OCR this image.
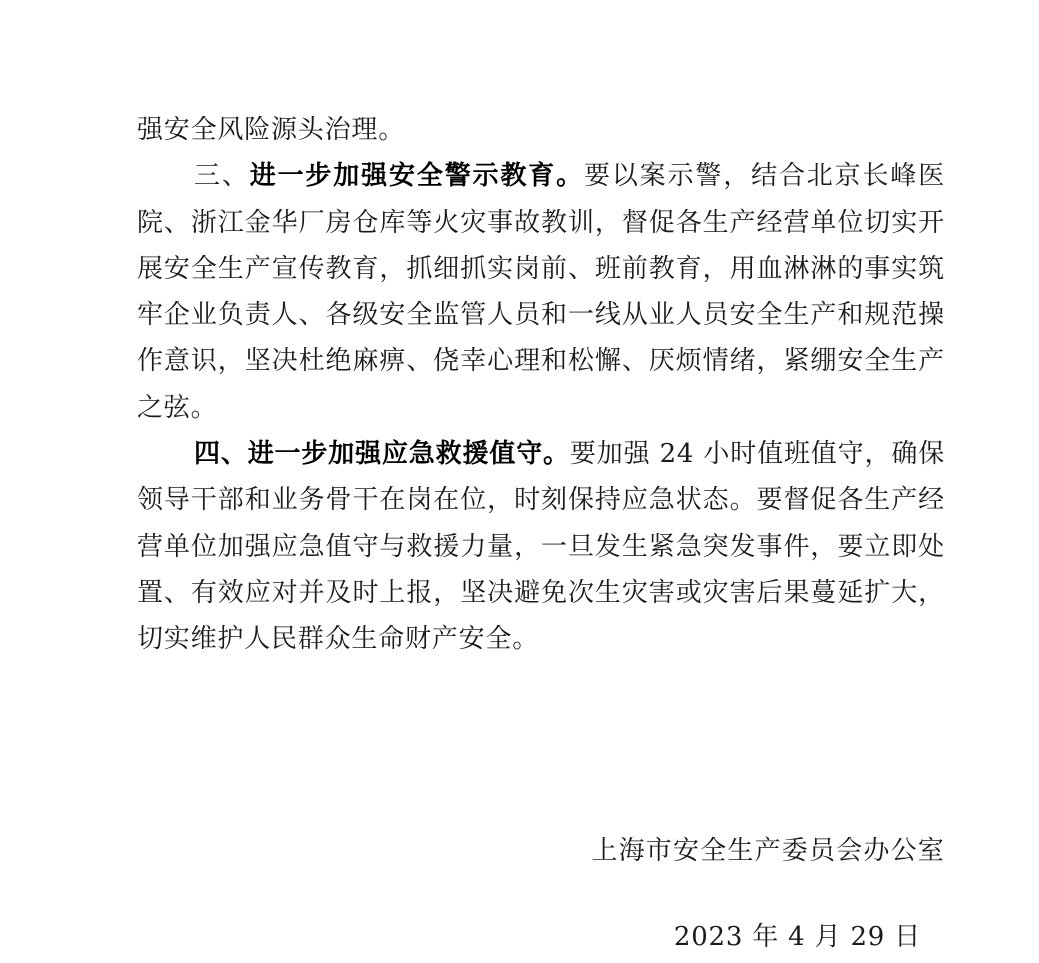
强安全风险源头治理。

三、进一步加强安全警示教育。要以案示警，结合北京长峰医院、浙江金华厂房仓库等火灾事故教训，督促各生产经营单位切实开展安全生产宣传教育，抓细抓实岗前、班前教育，用血淋淋的事实筑牢企业负责人、各级安全监管人员和一线从业人员安全生产和规范操作意识，坚决杜绝麻痹、侥幸心理和松懈、厌烦情绪，紧绷安全生产之弦。

四、进一步加强应急救援值守。要加强 24 小时值班值守，确保领导干部和业务骨干在岗在位，时刻保持应急状态。要督促各生产经营单位加强应急值守与救援力量，一旦发生紧急突发事件，要立即处置、有效应对并及时上报，坚决避免次生灾害或灾害后果蔓延扩大，切实维护人民群众生命财产安全。

上海市安全生产委员会办公室
2023 年 4 月 29 日
